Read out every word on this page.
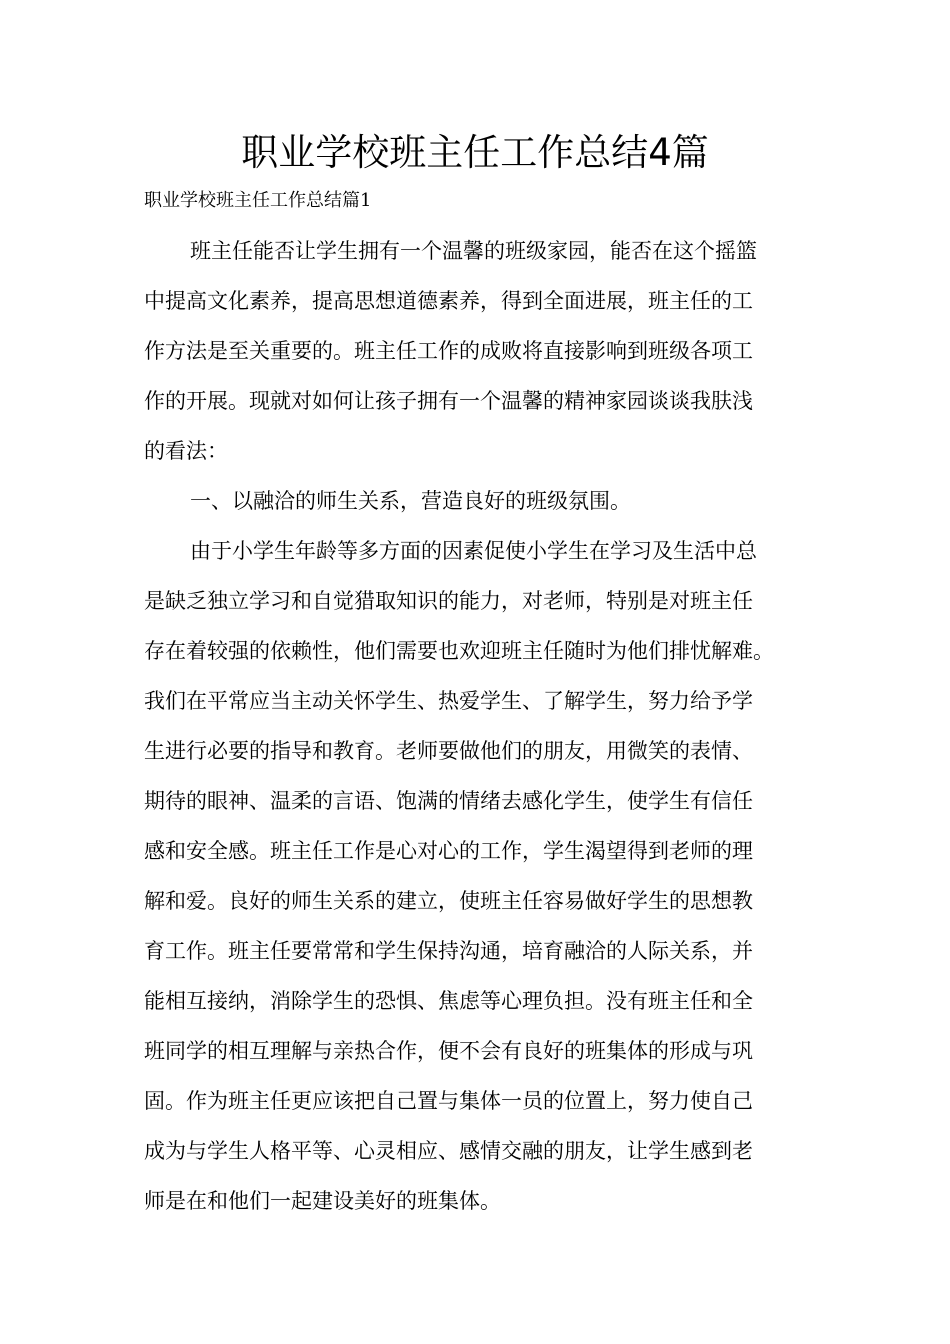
职业学校班主任工作总结4篇
职业学校班主任工作总结篇1
班主任能否让学生拥有一个温馨的班级家园，能否在这个摇篮
中提高文化素养，提高思想道德素养，得到全面进展，班主任的工
作方法是至关重要的。班主任工作的成败将直接影响到班级各项工
作的开展。现就对如何让孩子拥有一个温馨的精神家园谈谈我肤浅
的看法：
一、以融洽的师生关系，营造良好的班级氛围。
由于小学生年龄等多方面的因素促使小学生在学习及生活中总
是缺乏独立学习和自觉猎取知识的能力，对老师，特别是对班主任
存在着较强的依赖性，他们需要也欢迎班主任随时为他们排忧解难。
我们在平常应当主动关怀学生、热爱学生、了解学生，努力给予学
生进行必要的指导和教育。老师要做他们的朋友，用微笑的表情、
期待的眼神、温柔的言语、饱满的情绪去感化学生，使学生有信任
感和安全感。班主任工作是心对心的工作，学生渴望得到老师的理
解和爱。良好的师生关系的建立，使班主任容易做好学生的思想教
育工作。班主任要常常和学生保持沟通，培育融洽的人际关系，并
能相互接纳，消除学生的恐惧、焦虑等心理负担。没有班主任和全
班同学的相互理解与亲热合作，便不会有良好的班集体的形成与巩
固。作为班主任更应该把自己置与集体一员的位置上，努力使自己
成为与学生人格平等、心灵相应、感情交融的朋友，让学生感到老
师是在和他们一起建设美好的班集体。
